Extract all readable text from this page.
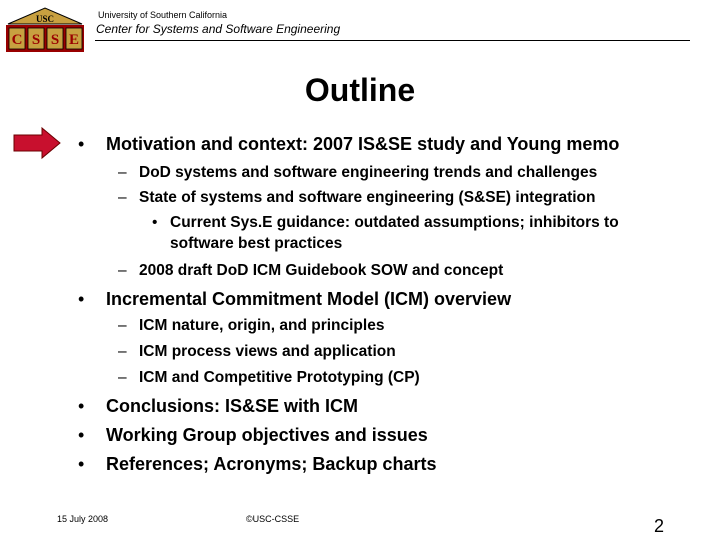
USC
C S S E
University of Southern California
Center for Systems and Software Engineering
Outline
• Motivation and context: 2007 IS&SE study and Young memo
– DoD systems and software engineering trends and challenges
– State of systems and software engineering (S&SE) integration
• Current Sys.E guidance: outdated assumptions; inhibitors to
software best practices
– 2008 draft DoD ICM Guidebook SOW and concept
• Incremental Commitment Model (ICM) overview
– ICM nature, origin, and principles
– ICM process views and application
– ICM and Competitive Prototyping (CP)
• Conclusions: IS&SE with ICM
• Working Group objectives and issues
• References; Acronyms; Backup charts
15 July 2008	©USC-CSSE	2
